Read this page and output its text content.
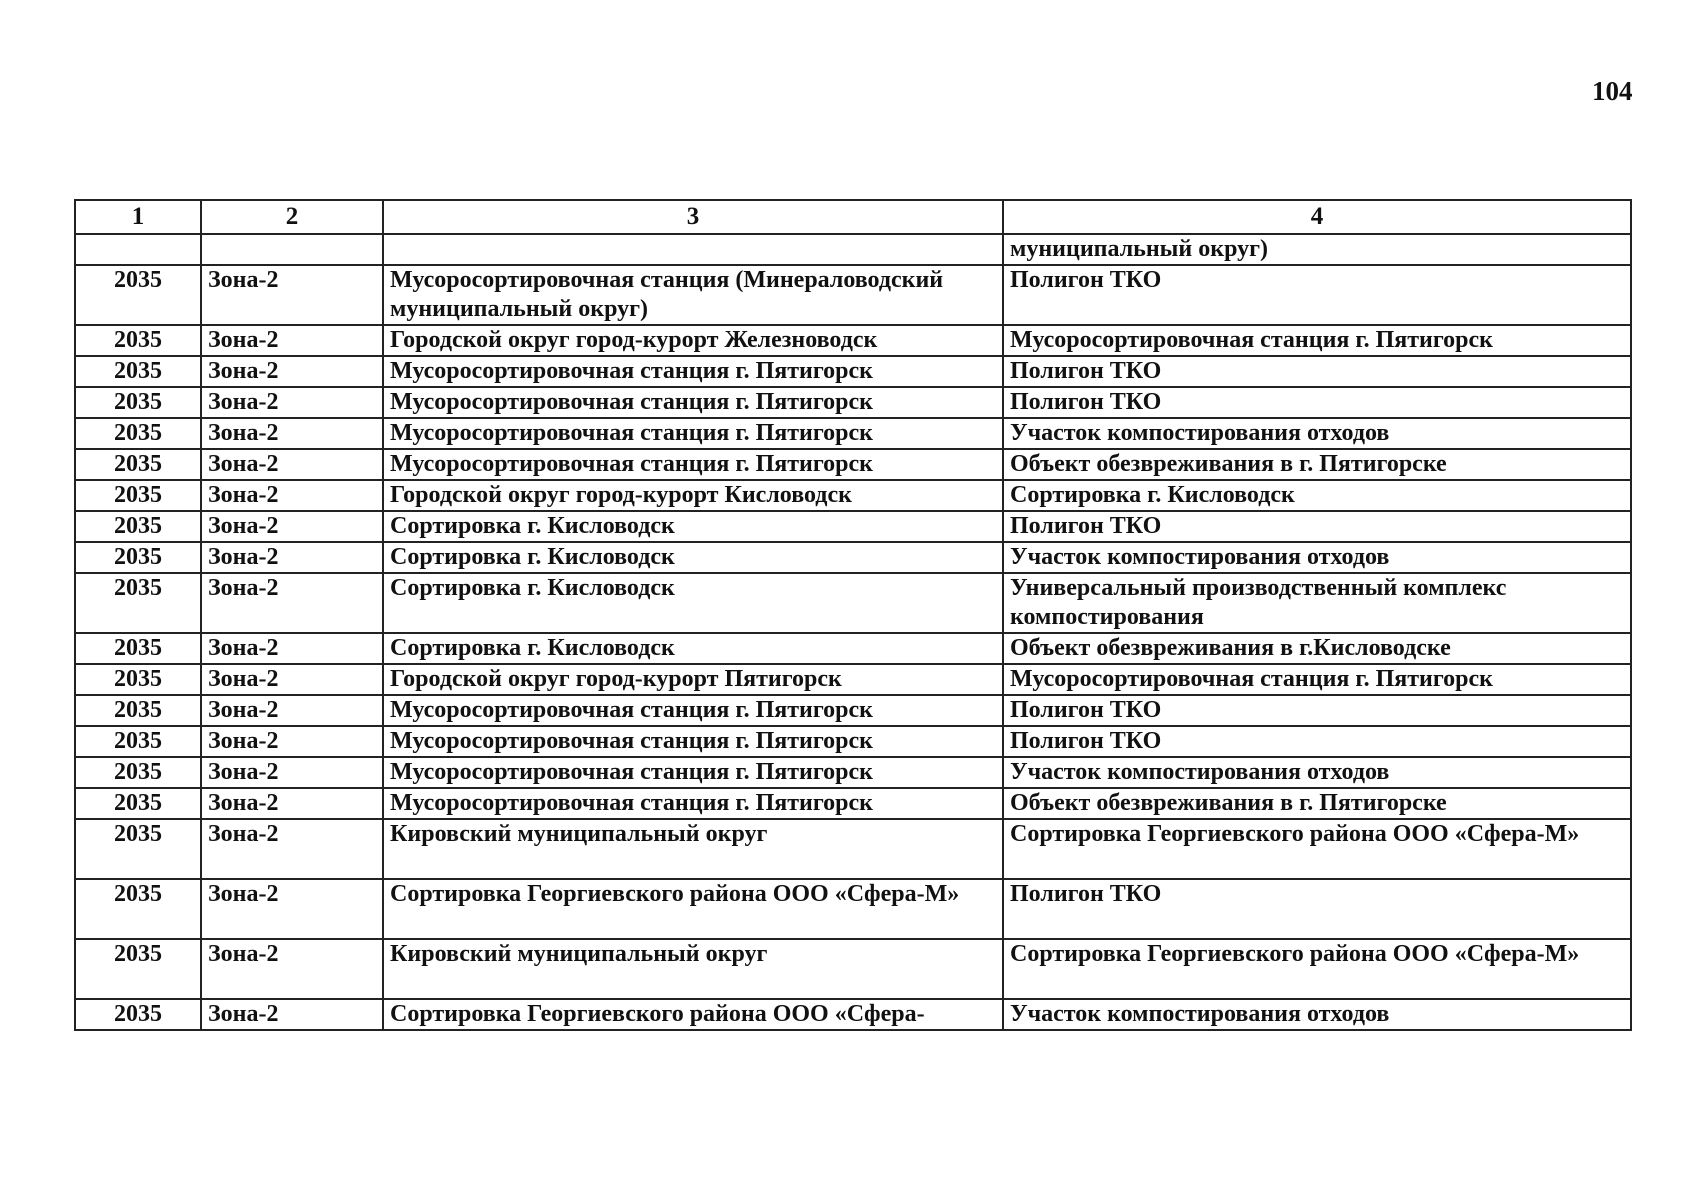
104
1	2	3	4
			муниципальный округ)
2035	Зона-2	Мусоросортировочная станция (Минераловодский муниципальный округ)	Полигон ТКО
2035	Зона-2	Городской округ город-курорт Железноводск	Мусоросортировочная станция г. Пятигорск
2035	Зона-2	Мусоросортировочная станция г. Пятигорск	Полигон ТКО
2035	Зона-2	Мусоросортировочная станция г. Пятигорск	Полигон ТКО
2035	Зона-2	Мусоросортировочная станция г. Пятигорск	Участок компостирования отходов
2035	Зона-2	Мусоросортировочная станция г. Пятигорск	Объект обезвреживания в г. Пятигорске
2035	Зона-2	Городской округ город-курорт Кисловодск	Сортировка г. Кисловодск
2035	Зона-2	Сортировка г. Кисловодск	Полигон ТКО
2035	Зона-2	Сортировка г. Кисловодск	Участок компостирования отходов
2035	Зона-2	Сортировка г. Кисловодск	Универсальный производственный комплекс компостирования
2035	Зона-2	Сортировка г. Кисловодск	Объект обезвреживания в г.Кисловодске
2035	Зона-2	Городской округ город-курорт Пятигорск	Мусоросортировочная станция г. Пятигорск
2035	Зона-2	Мусоросортировочная станция г. Пятигорск	Полигон ТКО
2035	Зона-2	Мусоросортировочная станция г. Пятигорск	Полигон ТКО
2035	Зона-2	Мусоросортировочная станция г. Пятигорск	Участок компостирования отходов
2035	Зона-2	Мусоросортировочная станция г. Пятигорск	Объект обезвреживания в г. Пятигорске
2035	Зона-2	Кировский муниципальный округ	Сортировка Георгиевского района ООО «Сфера-М»
2035	Зона-2	Сортировка Георгиевского района ООО «Сфера-М»	Полигон ТКО
2035	Зона-2	Кировский муниципальный округ	Сортировка Георгиевского района ООО «Сфера-М»
2035	Зона-2	Сортировка Георгиевского района ООО «Сфера-	Участок компостирования отходов
